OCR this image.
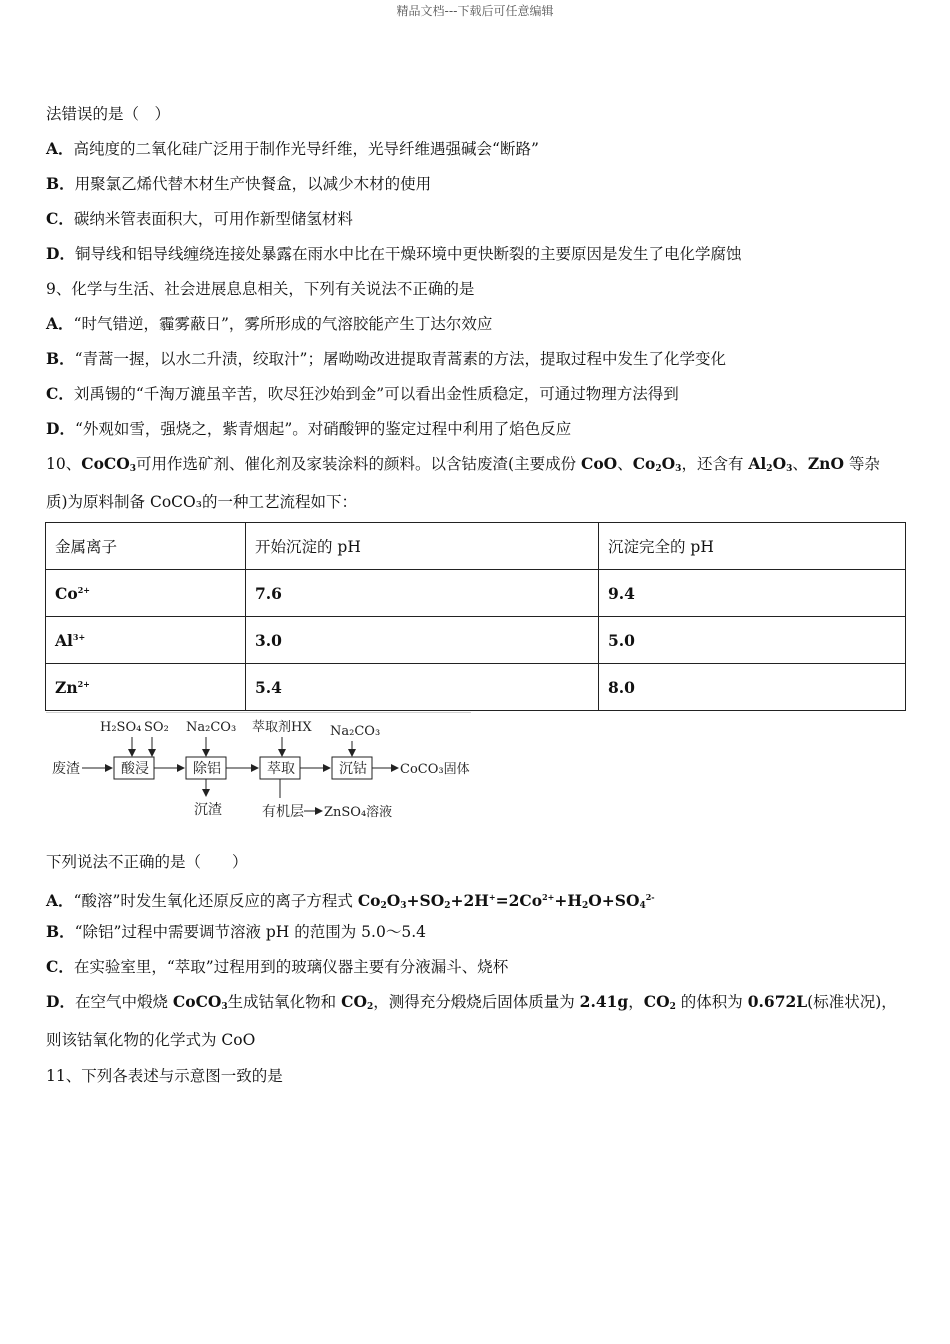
精品文档---下载后可任意编辑
法错误的是（　）
A．高纯度的二氧化硅广泛用于制作光导纤维，光导纤维遇强碱会“断路”
B．用聚氯乙烯代替木材生产快餐盒，以减少木材的使用
C．碳纳米管表面积大，可用作新型储氢材料
D．铜导线和铝导线缠绕连接处暴露在雨水中比在干燥环境中更快断裂的主要原因是发生了电化学腐蚀
9、化学与生活、社会进展息息相关，下列有关说法不正确的是
A．“时气错逆，霾雾蔽日”，雾所形成的气溶胶能产生丁达尔效应
B．“青蒿一握，以水二升渍，绞取汁”；屠呦呦改进提取青蒿素的方法，提取过程中发生了化学变化
C．刘禹锡的“千淘万漉虽辛苦，吹尽狂沙始到金”可以看出金性质稳定，可通过物理方法得到
D．“外观如雪，强烧之，紫青烟起”。对硝酸钾的鉴定过程中利用了焰色反应
10、CoCO$_3$可用作选矿剂、催化剂及家装涂料的颜料。以含钴废渣(主要成份 CoO、$Co_2O_3$，还含有 $Al_2O_3$、ZnO 等杂
质)为原料制备 CoCO₃的一种工艺流程如下：
金属离子	开始沉淀的 pH	沉淀完全的 pH
$Co^{2+}$	7.6	9.4
$Al^{3+}$	3.0	5.0
$Zn^{2+}$	5.4	8.0
H₂SO₄ SO₂ Na₂CO₃ 萃取剂HX Na₂CO₃
废渣	酸浸	除铝	萃取	沉钴	CoCO₃固体
沉渣	有机层 ZnSO₄溶液
下列说法不正确的是（　　）
A．“酸溶”时发生氧化还原反应的离子方程式 $Co_2O_3+SO_2+2H^+=2Co^{2+}+H_2O+SO_4^{2-}$
B．“除铝”过程中需要调节溶液 pH 的范围为 5.0～5.4
C．在实验室里，“萃取”过程用到的玻璃仪器主要有分液漏斗、烧杯
D．在空气中煅烧 CoCO$_3$生成钴氧化物和 $CO_2$，测得充分煅烧后固体质量为 2.41g，$CO_2$ 的体积为 0.672L(标准状况)，
则该钴氧化物的化学式为 CoO
11、下列各表述与示意图一致的是
